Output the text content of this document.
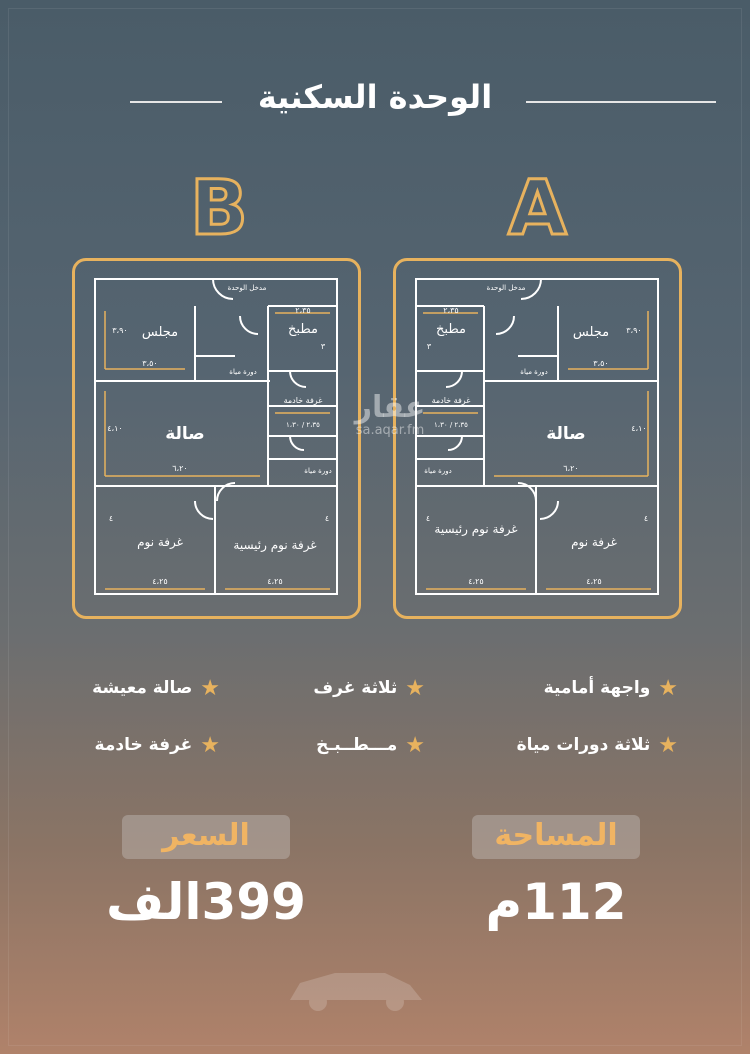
الوحدة السكنية
B	A
مجلس
٣،٩٠
٣،٥٠
مطبخ
٢،٣٥
٣
مدخل الوحدة
دورة مياة
غرفة خادمة
٢،٣٥ / ١،٣٠
دورة مياة
صالة
٤،١٠
٦،٢٠
غرفة نوم
٤
٤،٢٥
غرفة نوم رئيسية
٤
٤،٢٥
مجلس ٣،٩٠
٣،٥٠
مطبخ
٢،٣٥
٣
مدخل الوحدة
دورة مياة
غرفة خادمة
٢،٣٥ / ١،٣٠
دورة مياة
صالة	٤،١٠
٦،٢٠
غرفة نوم رئيسية
٤
٤،٢٥
غرفة نوم
٤
٤،٢٥
عقار
sa.aqar.fm
★واجهة أمامية
★ثلاثة غرف
★صالة معيشة
★ثلاثة دورات مياة
★مـــطــبـخ
★غرفة خادمة
السعر	المساحة
399الف	112م
